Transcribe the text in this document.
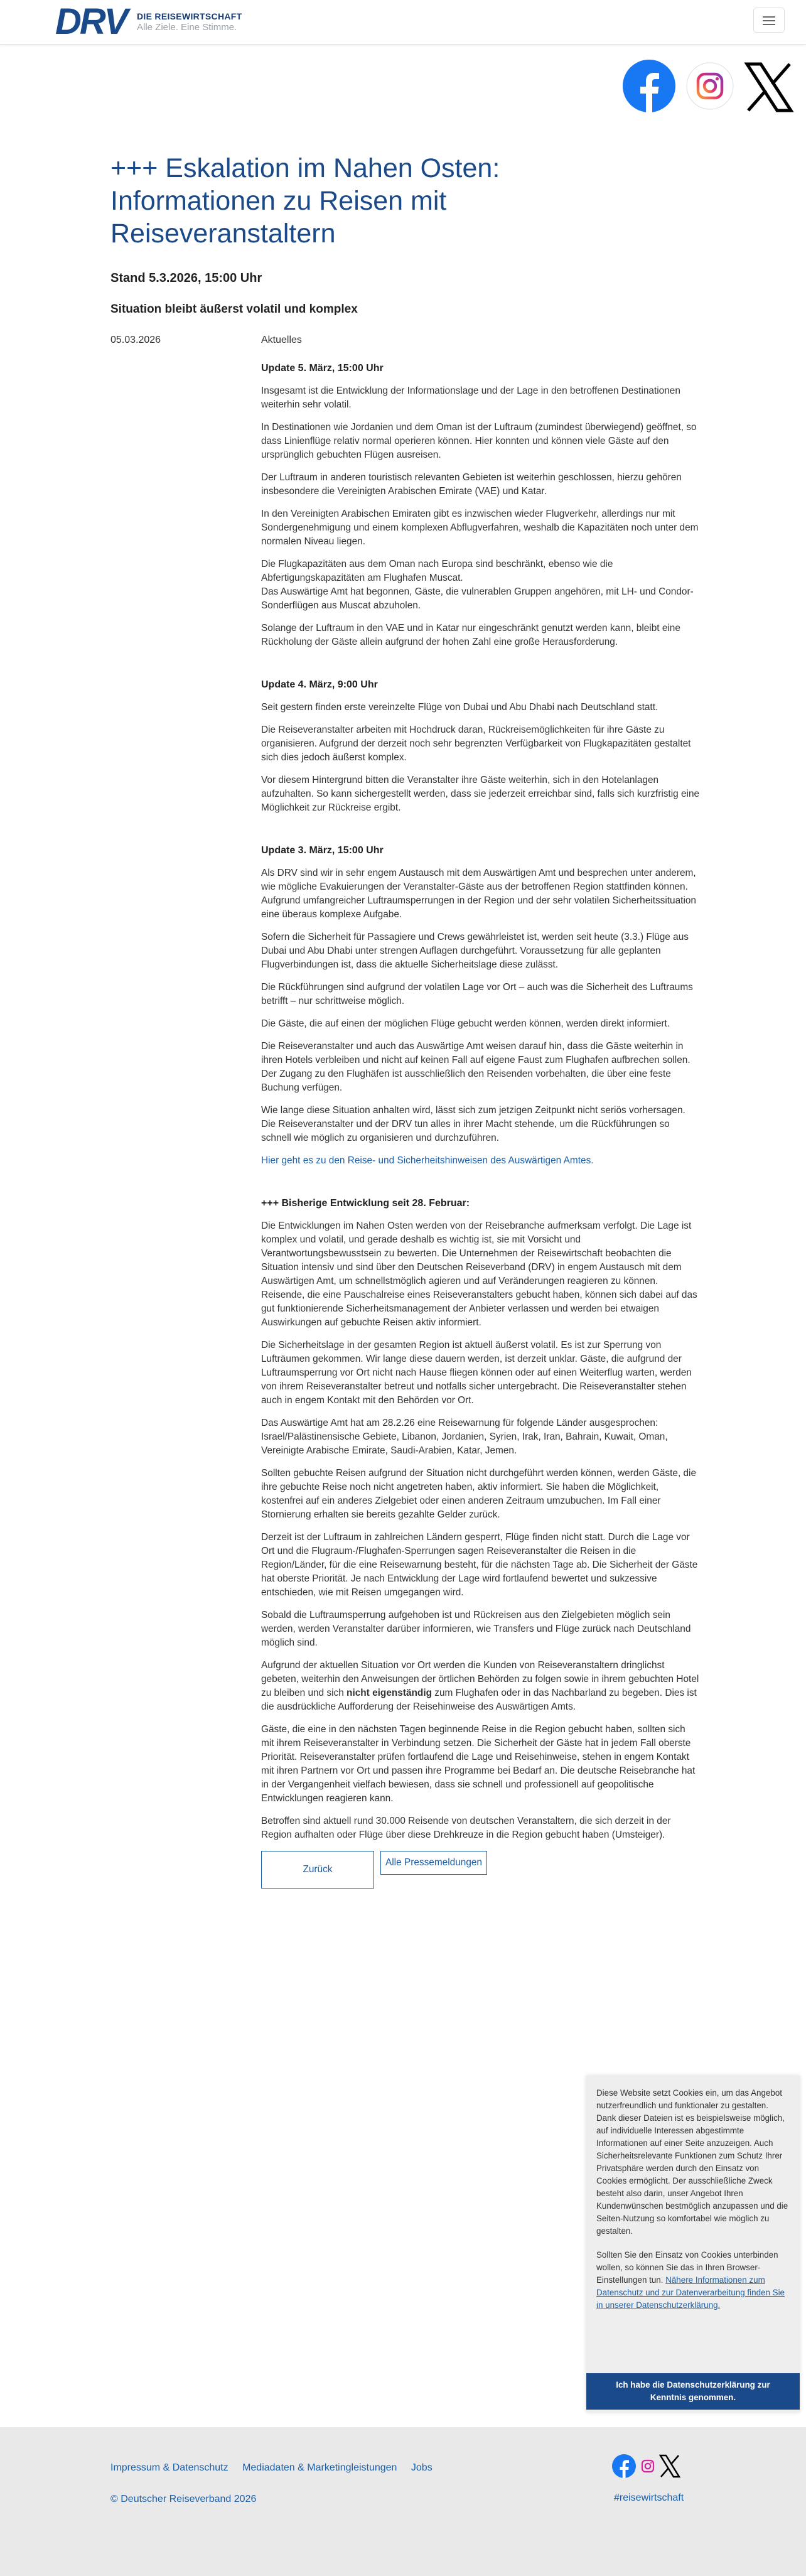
DRV	DIE REISEWIRTSCHAFT
Alle Ziele. Eine Stimme.
+++ Eskalation im Nahen Osten: Informationen zu Reisen mit Reiseveranstaltern
Stand 5.3.2026, 15:00 Uhr
Situation bleibt äußerst volatil und komplex
05.03.2026	Aktuelles
Update 5. März, 15:00 Uhr

Insgesamt ist die Entwicklung der Informationslage und der Lage in den betroffenen Destinationen weiterhin sehr volatil.

In Destinationen wie Jordanien und dem Oman ist der Luftraum (zumindest überwiegend) geöffnet, so dass Linienflüge relativ normal operieren können. Hier konnten und können viele Gäste auf den ursprünglich gebuchten Flügen ausreisen.

Der Luftraum in anderen touristisch relevanten Gebieten ist weiterhin geschlossen, hierzu gehören insbesondere die Vereinigten Arabischen Emirate (VAE) und Katar.

In den Vereinigten Arabischen Emiraten gibt es inzwischen wieder Flugverkehr, allerdings nur mit Sondergenehmigung und einem komplexen Abflugverfahren, weshalb die Kapazitäten noch unter dem normalen Niveau liegen.

Die Flugkapazitäten aus dem Oman nach Europa sind beschränkt, ebenso wie die Abfertigungskapazitäten am Flughafen Muscat.
Das Auswärtige Amt hat begonnen, Gäste, die vulnerablen Gruppen angehören, mit LH- und Condor-Sonderflügen aus Muscat abzuholen.

Solange der Luftraum in den VAE und in Katar nur eingeschränkt genutzt werden kann, bleibt eine Rückholung der Gäste allein aufgrund der hohen Zahl eine große Herausforderung.

Update 4. März, 9:00 Uhr

Seit gestern finden erste vereinzelte Flüge von Dubai und Abu Dhabi nach Deutschland statt.

Die Reiseveranstalter arbeiten mit Hochdruck daran, Rückreisemöglichkeiten für ihre Gäste zu organisieren. Aufgrund der derzeit noch sehr begrenzten Verfügbarkeit von Flugkapazitäten gestaltet sich dies jedoch äußerst komplex.

Vor diesem Hintergrund bitten die Veranstalter ihre Gäste weiterhin, sich in den Hotelanlagen aufzuhalten. So kann sichergestellt werden, dass sie jederzeit erreichbar sind, falls sich kurzfristig eine Möglichkeit zur Rückreise ergibt.

Update 3. März, 15:00 Uhr

Als DRV sind wir in sehr engem Austausch mit dem Auswärtigen Amt und besprechen unter anderem, wie mögliche Evakuierungen der Veranstalter-Gäste aus der betroffenen Region stattfinden können. Aufgrund umfangreicher Luftraumsperrungen in der Region und der sehr volatilen Sicherheitssituation eine überaus komplexe Aufgabe.

Sofern die Sicherheit für Passagiere und Crews gewährleistet ist, werden seit heute (3.3.) Flüge aus Dubai und Abu Dhabi unter strengen Auflagen durchgeführt. Voraussetzung für alle geplanten Flugverbindungen ist, dass die aktuelle Sicherheitslage diese zulässt.

Die Rückführungen sind aufgrund der volatilen Lage vor Ort – auch was die Sicherheit des Luftraums betrifft – nur schrittweise möglich.

Die Gäste, die auf einen der möglichen Flüge gebucht werden können, werden direkt informiert.

Die Reiseveranstalter und auch das Auswärtige Amt weisen darauf hin, dass die Gäste weiterhin in ihren Hotels verbleiben und nicht auf keinen Fall auf eigene Faust zum Flughafen aufbrechen sollen. Der Zugang zu den Flughäfen ist ausschließlich den Reisenden vorbehalten, die über eine feste Buchung verfügen.

Wie lange diese Situation anhalten wird, lässt sich zum jetzigen Zeitpunkt nicht seriös vorhersagen. Die Reiseveranstalter und der DRV tun alles in ihrer Macht stehende, um die Rückführungen so schnell wie möglich zu organisieren und durchzuführen.

Hier geht es zu den Reise- und Sicherheitshinweisen des Auswärtigen Amtes.

+++ Bisherige Entwicklung seit 28. Februar:

Die Entwicklungen im Nahen Osten werden von der Reisebranche aufmerksam verfolgt. Die Lage ist komplex und volatil, und gerade deshalb es wichtig ist, sie mit Vorsicht und Verantwortungsbewusstsein zu bewerten. Die Unternehmen der Reisewirtschaft beobachten die Situation intensiv und sind über den Deutschen Reiseverband (DRV) in engem Austausch mit dem Auswärtigen Amt, um schnellstmöglich agieren und auf Veränderungen reagieren zu können. Reisende, die eine Pauschalreise eines Reiseveranstalters gebucht haben, können sich dabei auf das gut funktionierende Sicherheitsmanagement der Anbieter verlassen und werden bei etwaigen Auswirkungen auf gebuchte Reisen aktiv informiert.

Die Sicherheitslage in der gesamten Region ist aktuell äußerst volatil. Es ist zur Sperrung von Lufträumen gekommen. Wir lange diese dauern werden, ist derzeit unklar. Gäste, die aufgrund der Luftraumsperrung vor Ort nicht nach Hause fliegen können oder auf einen Weiterflug warten, werden von ihrem Reiseveranstalter betreut und notfalls sicher untergebracht. Die Reiseveranstalter stehen auch in engem Kontakt mit den Behörden vor Ort.

Das Auswärtige Amt hat am 28.2.26 eine Reisewarnung für folgende Länder ausgesprochen: Israel/Palästinensische Gebiete, Libanon, Jordanien, Syrien, Irak, Iran, Bahrain, Kuwait, Oman, Vereinigte Arabische Emirate, Saudi-Arabien, Katar, Jemen.

Sollten gebuchte Reisen aufgrund der Situation nicht durchgeführt werden können, werden Gäste, die ihre gebuchte Reise noch nicht angetreten haben, aktiv informiert. Sie haben die Möglichkeit, kostenfrei auf ein anderes Zielgebiet oder einen anderen Zeitraum umzubuchen. Im Fall einer Stornierung erhalten sie bereits gezahlte Gelder zurück.

Derzeit ist der Luftraum in zahlreichen Ländern gesperrt, Flüge finden nicht statt. Durch die Lage vor Ort und die Flugraum-/Flughafen-Sperrungen sagen Reiseveranstalter die Reisen in die Region/Länder, für die eine Reisewarnung besteht, für die nächsten Tage ab. Die Sicherheit der Gäste hat oberste Priorität. Je nach Entwicklung der Lage wird fortlaufend bewertet und sukzessive entschieden, wie mit Reisen umgegangen wird.

Sobald die Luftraumsperrung aufgehoben ist und Rückreisen aus den Zielgebieten möglich sein werden, werden Veranstalter darüber informieren, wie Transfers und Flüge zurück nach Deutschland möglich sind.

Aufgrund der aktuellen Situation vor Ort werden die Kunden von Reiseveranstaltern dringlichst gebeten, weiterhin den Anweisungen der örtlichen Behörden zu folgen sowie in ihrem gebuchten Hotel zu bleiben und sich nicht eigenständig zum Flughafen oder in das Nachbarland zu begeben. Dies ist die ausdrückliche Aufforderung der Reisehinweise des Auswärtigen Amts.

Gäste, die eine in den nächsten Tagen beginnende Reise in die Region gebucht haben, sollten sich mit ihrem Reiseveranstalter in Verbindung setzen. Die Sicherheit der Gäste hat in jedem Fall oberste Priorität. Reiseveranstalter prüfen fortlaufend die Lage und Reisehinweise, stehen in engem Kontakt mit ihren Partnern vor Ort und passen ihre Programme bei Bedarf an. Die deutsche Reisebranche hat in der Vergangenheit vielfach bewiesen, dass sie schnell und professionell auf geopolitische Entwicklungen reagieren kann.

Betroffen sind aktuell rund 30.000 Reisende von deutschen Veranstaltern, die sich derzeit in der Region aufhalten oder Flüge über diese Drehkreuze in die Region gebucht haben (Umsteiger).

ZurückAlle Pressemeldungen

Diese Website setzt Cookies ein, um das Angebot nutzerfreundlich und funktionaler zu gestalten. Dank dieser Dateien ist es beispielsweise möglich, auf individuelle Interessen abgestimmte Informationen auf einer Seite anzuzeigen. Auch Sicherheitsrelevante Funktionen zum Schutz Ihrer Privatsphäre werden durch den Einsatz von Cookies ermöglicht. Der ausschließliche Zweck besteht also darin, unser Angebot Ihren Kundenwünschen bestmöglich anzupassen und die Seiten-Nutzung so komfortabel wie möglich zu gestalten.

Sollten Sie den Einsatz von Cookies unterbinden wollen, so können Sie das in Ihren Browser-Einstellungen tun. Nähere Informationen zum Datenschutz und zur Datenverarbeitung finden Sie in unserer Datenschutzerklärung.

Ich habe die Datenschutzerklärung zur Kenntnis genommen.
Impressum & Datenschutz Mediadaten & Marketingleistungen Jobs
© Deutscher Reiseverband 2026	#reisewirtschaft
